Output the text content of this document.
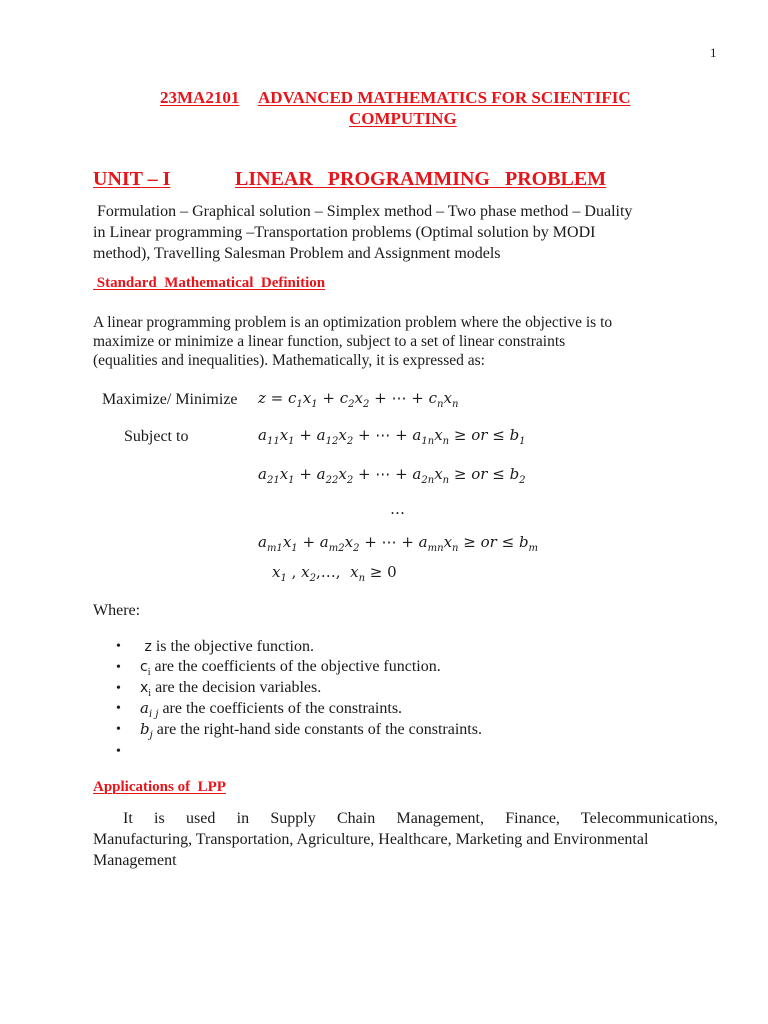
1
23MA2101 ADVANCED MATHEMATICS FOR SCIENTIFIC
COMPUTING
UNIT – I	LINEAR   PROGRAMMING   PROBLEM
Formulation – Graphical solution – Simplex method – Two phase method – Duality
in Linear programming –Transportation problems (Optimal solution by MODI
method), Travelling Salesman Problem and Assignment models
Standard  Mathematical  Definition
A linear programming problem is an optimization problem where the objective is to
maximize or minimize a linear function, subject to a set of linear constraints
(equalities and inequalities). Mathematically, it is expressed as:
Maximize/ Minimize $z = c_1x_1 + c_2x_2$ + ⋯ + $c_nx_n$
Subject to	$a_{11}x_1 + a_{12}x_2$ + ⋯ + $a_{1n}x_n$ ≥ or ≤ $b_1$
$a_{21}x_1 + a_{22}x_2$ + ⋯ + $a_{2n}x_n$ ≥ or ≤ $b_2$
…
$a_{m1}x_1 + a_{m2}x_2$ + ⋯ + $a_{mn}x_n$ ≥ or ≤ $b_m$
$x_1$ , $x_2,\dots$,  $x_n \ge 0$
Where:
•	z is the objective function.
• $c_i$ are the coefficients of the objective function.
• $x_i$ are the decision variables.
• $a_{i j}$ are the coefficients of the constraints.
• $b_j$ are the right-hand side constants of the constraints.
•
Applications of  LPP
It is used in Supply Chain Management, Finance, Telecommunications,
Manufacturing, Transportation, Agriculture, Healthcare, Marketing and Environmental
Management
